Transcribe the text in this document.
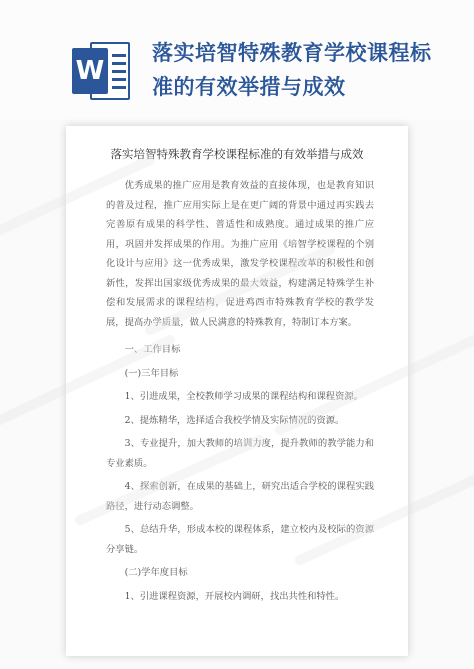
W
落实培智特殊教育学校课程标准的有效举措与成效
落实培智特殊教育学校课程标准的有效举措与成效

优秀成果的推广应用是教育效益的直接体现，也是教育知识的普及过程，推广应用实际上是在更广阔的背景中通过再实践去完善原有成果的科学性、普适性和成熟度。通过成果的推广应用，巩固并发挥成果的作用。为推广应用《培智学校课程的个别化设计与应用》这一优秀成果，激发学校课程改革的积极性和创新性，发挥出国家级优秀成果的最大效益，构建满足特殊学生补偿和发展需求的课程结构，促进鸡西市特殊教育学校的教学发展，提高办学质量，做人民满意的特殊教育，特制订本方案。

一、工作目标

(一)三年目标

1、引进成果，全校教师学习成果的课程结构和课程资源。

2、提炼精华，选择适合我校学情及实际情况的资源。

3、专业提升，加大教师的培训力度，提升教师的教学能力和专业素质。

4、探索创新，在成果的基础上，研究出适合学校的课程实践路径，进行动态调整。

5、总结升华，形成本校的课程体系，建立校内及校际的资源分享链。

(二)学年度目标

1、引进课程资源，开展校内调研，找出共性和特性。
